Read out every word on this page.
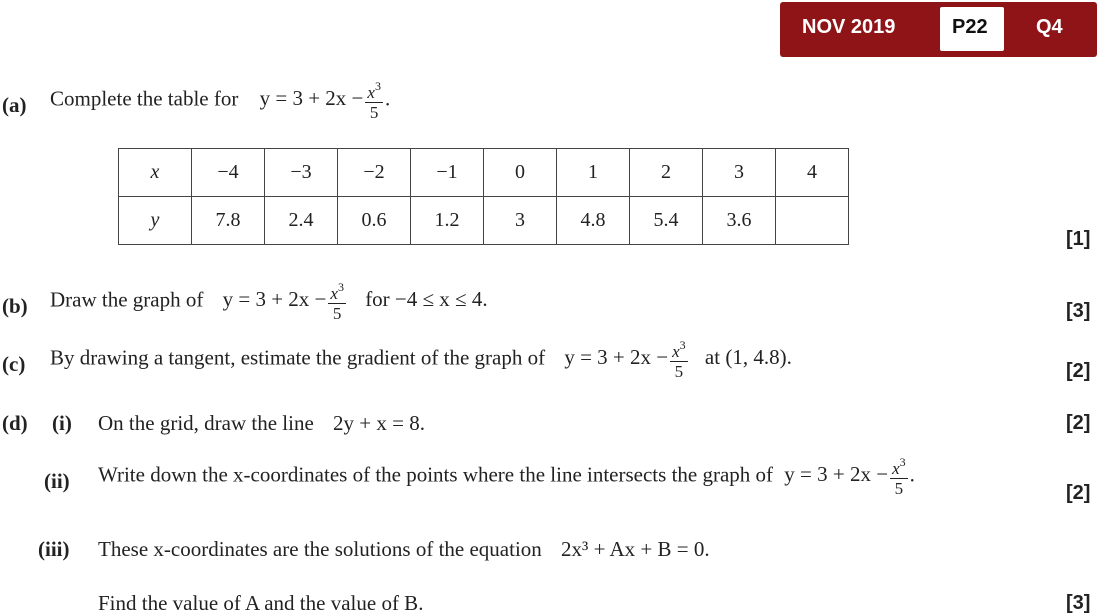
NOV 2019	P22 Q4
(a) Complete the table for $y = 3 + 2x - \frac{x^3}{5}$ .
x	−4	−3	−2	−1	0	1	2	3	4
y	7.8	2.4	0.6	1.2	3	4.8	5.4	3.6	
[1]
(b) Draw the graph of $y = 3 + 2x - \frac{x^3}{5}$ for −4 ≤ x ≤ 4.	[3]
(c) By drawing a tangent, estimate the gradient of the graph of $y = 3 + 2x - \frac{x^3}{5}$ at (1, 4.8).
[2]
(d) (i) On the grid, draw the line 2y + x = 8.	[2]
(ii) Write down the x-coordinates of the points where the line intersects the graph of $y = 3 + 2x - \frac{x^3}{5}$ .
[2]
(iii) These x-coordinates are the solutions of the equation 2x³ + Ax + B = 0.
Find the value of A and the value of B.	[3]
